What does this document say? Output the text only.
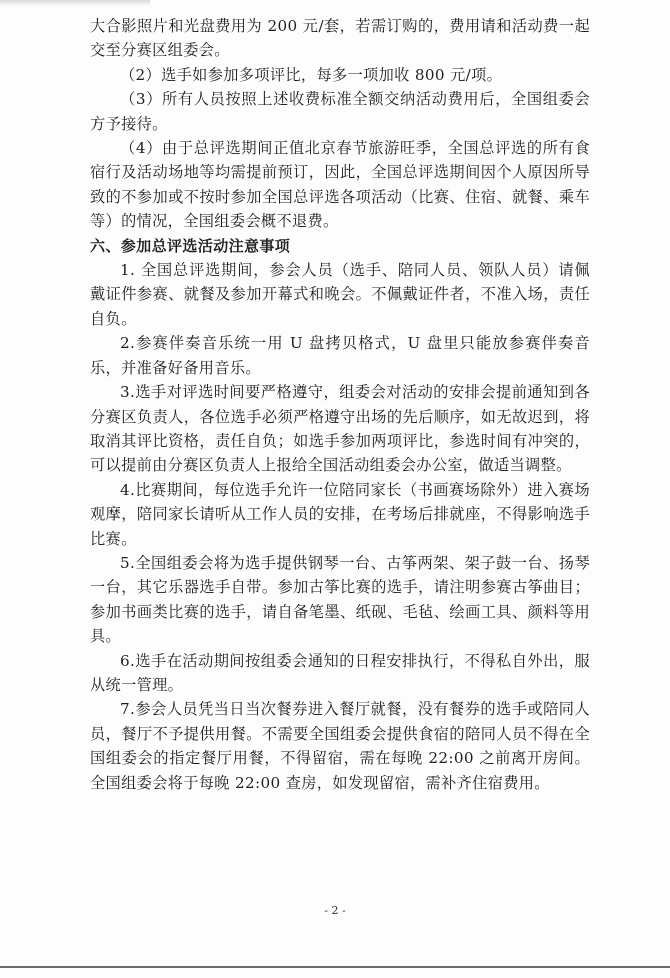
大合影照片和光盘费用为 200 元/套，若需订购的，费用请和活动费一起交至分赛区组委会。

（2）选手如参加多项评比，每多一项加收 800 元/项。

（3）所有人员按照上述收费标准全额交纳活动费用后，全国组委会方予接待。

（4）由于总评选期间正值北京春节旅游旺季，全国总评选的所有食宿行及活动场地等均需提前预订，因此，全国总评选期间因个人原因所导致的不参加或不按时参加全国总评选各项活动（比赛、住宿、就餐、乘车等）的情况，全国组委会概不退费。

六、参加总评选活动注意事项

1. 全国总评选期间，参会人员（选手、陪同人员、领队人员）请佩戴证件参赛、就餐及参加开幕式和晚会。不佩戴证件者，不准入场，责任自负。

2.参赛伴奏音乐统一用 U 盘拷贝格式，U 盘里只能放参赛伴奏音乐，并准备好备用音乐。

3.选手对评选时间要严格遵守，组委会对活动的安排会提前通知到各分赛区负责人，各位选手必须严格遵守出场的先后顺序，如无故迟到，将取消其评比资格，责任自负；如选手参加两项评比，参选时间有冲突的，可以提前由分赛区负责人上报给全国活动组委会办公室，做适当调整。

4.比赛期间，每位选手允许一位陪同家长（书画赛场除外）进入赛场观摩，陪同家长请听从工作人员的安排，在考场后排就座，不得影响选手比赛。

5.全国组委会将为选手提供钢琴一台、古筝两架、架子鼓一台、扬琴一台，其它乐器选手自带。参加古筝比赛的选手，请注明参赛古筝曲目；参加书画类比赛的选手，请自备笔墨、纸砚、毛毡、绘画工具、颜料等用具。

6.选手在活动期间按组委会通知的日程安排执行，不得私自外出，服从统一管理。

7.参会人员凭当日当次餐券进入餐厅就餐，没有餐券的选手或陪同人员，餐厅不予提供用餐。不需要全国组委会提供食宿的陪同人员不得在全国组委会的指定餐厅用餐，不得留宿，需在每晚 22:00 之前离开房间。全国组委会将于每晚 22:00 查房，如发现留宿，需补齐住宿费用。

- 2 -
